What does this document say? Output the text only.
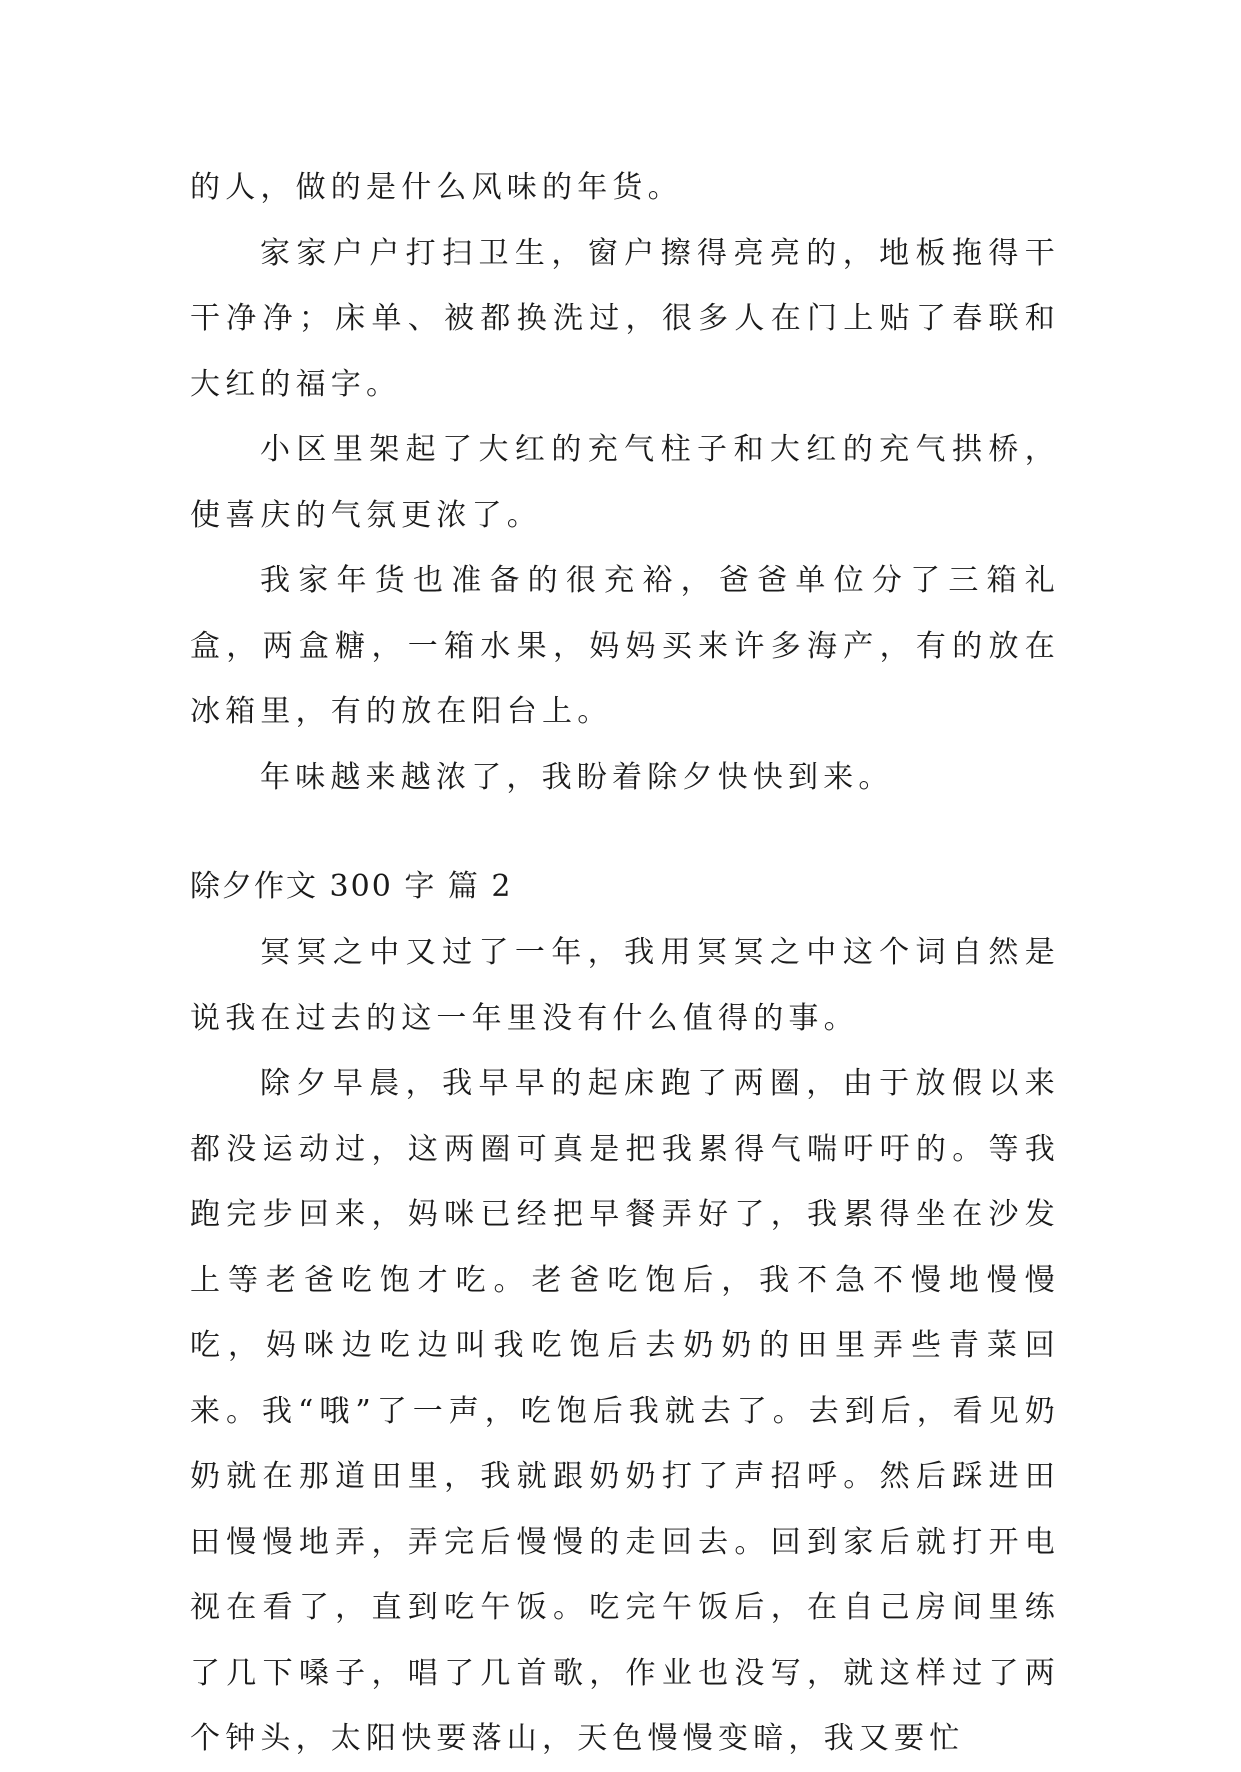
的人，做的是什么风味的年货。

家家户户打扫卫生，窗户擦得亮亮的，地板拖得干干净净；床单、被都换洗过，很多人在门上贴了春联和大红的福字。

小区里架起了大红的充气柱子和大红的充气拱桥，使喜庆的气氛更浓了。

我家年货也准备的很充裕，爸爸单位分了三箱礼盒，两盒糖，一箱水果，妈妈买来许多海产，有的放在冰箱里，有的放在阳台上。

年味越来越浓了，我盼着除夕快快到来。

除夕作文 300 字 篇 2

冥冥之中又过了一年，我用冥冥之中这个词自然是说我在过去的这一年里没有什么值得的事。

除夕早晨，我早早的起床跑了两圈，由于放假以来都没运动过，这两圈可真是把我累得气喘吁吁的。等我跑完步回来，妈咪已经把早餐弄好了，我累得坐在沙发上等老爸吃饱才吃。老爸吃饱后，我不急不慢地慢慢吃，妈咪边吃边叫我吃饱后去奶奶的田里弄些青菜回来。我“哦”了一声，吃饱后我就去了。去到后，看见奶奶就在那道田里，我就跟奶奶打了声招呼。然后踩进田田慢慢地弄，弄完后慢慢的走回去。回到家后就打开电视在看了，直到吃午饭。吃完午饭后，在自己房间里练了几下嗓子，唱了几首歌，作业也没写，就这样过了两个钟头，太阳快要落山，天色慢慢变暗，我又要忙
